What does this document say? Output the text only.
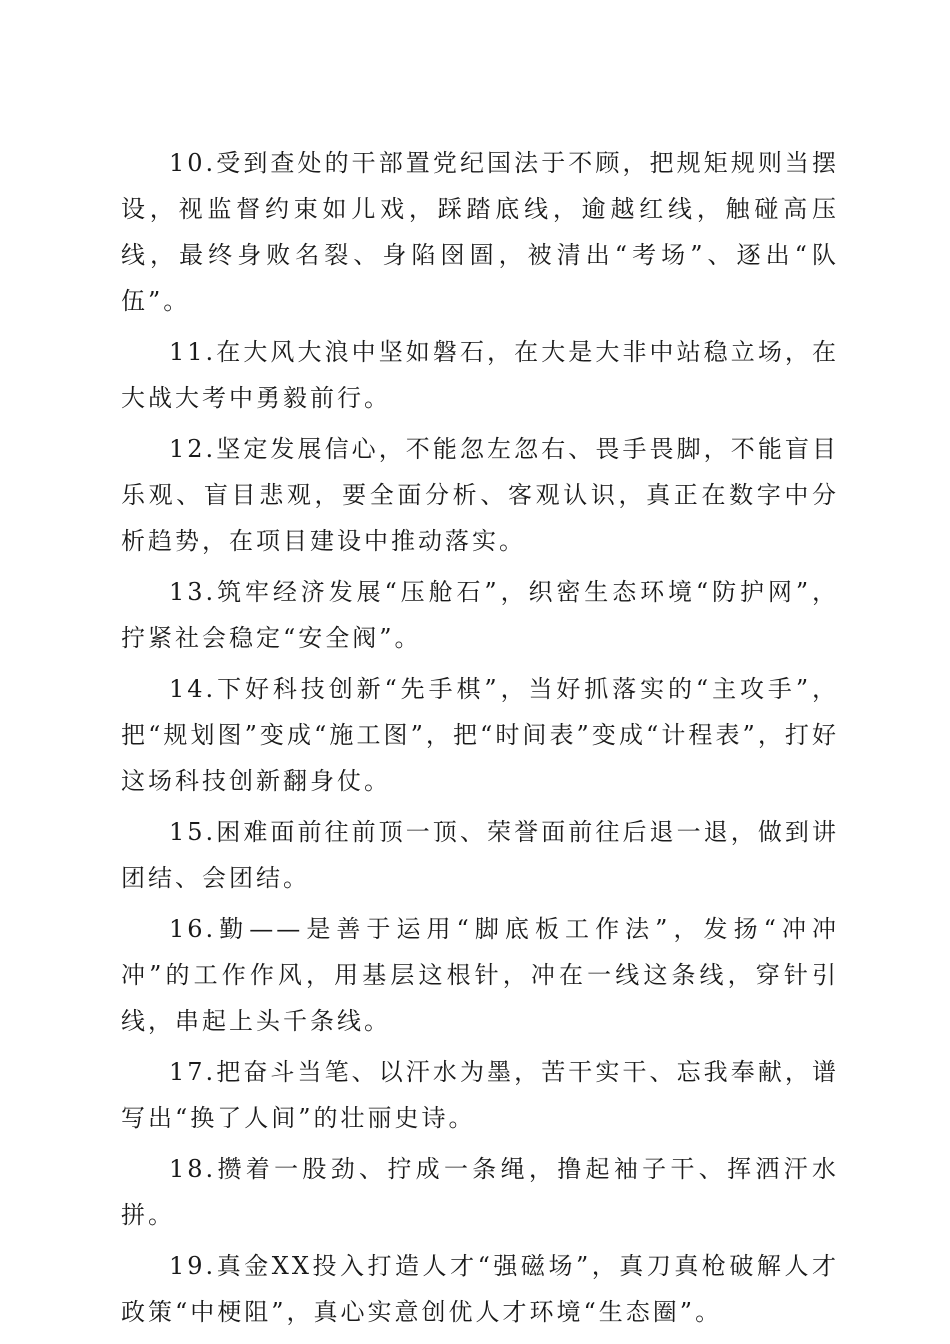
10.受到查处的干部置党纪国法于不顾，把规矩规则当摆设，视监督约束如儿戏，踩踏底线，逾越红线，触碰高压线，最终身败名裂、身陷囹圄，被清出“考场”、逐出“队伍”。

11.在大风大浪中坚如磐石，在大是大非中站稳立场，在大战大考中勇毅前行。

12.坚定发展信心，不能忽左忽右、畏手畏脚，不能盲目乐观、盲目悲观，要全面分析、客观认识，真正在数字中分析趋势，在项目建设中推动落实。

13.筑牢经济发展“压舱石”，织密生态环境“防护网”，拧紧社会稳定“安全阀”。

14.下好科技创新“先手棋”，当好抓落实的“主攻手”，把“规划图”变成“施工图”，把“时间表”变成“计程表”，打好这场科技创新翻身仗。

15.困难面前往前顶一顶、荣誉面前往后退一退，做到讲团结、会团结。

16.勤——是善于运用“脚底板工作法”，发扬“冲冲冲”的工作作风，用基层这根针，冲在一线这条线，穿针引线，串起上头千条线。

17.把奋斗当笔、以汗水为墨，苦干实干、忘我奉献，谱写出“换了人间”的壮丽史诗。

18.攒着一股劲、拧成一条绳，撸起袖子干、挥洒汗水拼。

19.真金XX投入打造人才“强磁场”，真刀真枪破解人才政策“中梗阻”，真心实意创优人才环境“生态圈”。
